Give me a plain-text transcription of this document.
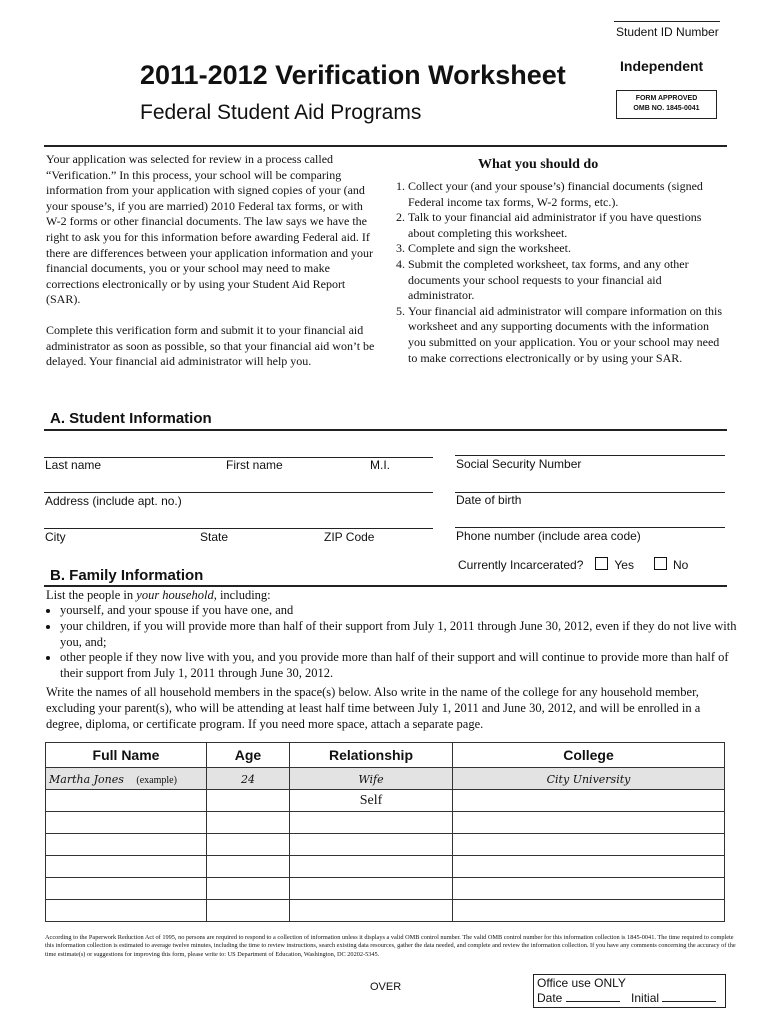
Student ID Number
2011-2012 Verification Worksheet
Federal Student Aid Programs
Independent
FORM APPROVED
OMB NO. 1845-0041
Your application was selected for review in a process called “Verification.” In this process, your school will be comparing information from your application with signed copies of your (and your spouse’s, if you are married) 2010 Federal tax forms, or with W-2 forms or other financial documents. The law says we have the right to ask you for this information before awarding Federal aid. If there are differences between your application information and your financial documents, you or your school may need to make corrections electronically or by using your Student Aid Report (SAR).
Complete this verification form and submit it to your financial aid administrator as soon as possible, so that your financial aid won’t be delayed. Your financial aid administrator will help you.
What you should do
1. Collect your (and your spouse’s) financial documents (signed Federal income tax forms, W-2 forms, etc.).
2. Talk to your financial aid administrator if you have questions about completing this worksheet.
3. Complete and sign the worksheet.
4. Submit the completed worksheet, tax forms, and any other documents your school requests to your financial aid administrator.
5. Your financial aid administrator will compare information on this worksheet and any supporting documents with the information you submitted on your application. You or your school may need to make corrections electronically or by using your SAR.
A. Student Information
Last name	First name	M.I.	Social Security Number
Address (include apt. no.)	Date of birth
City	State	ZIP Code	Phone number (include area code)
Currently Incarcerated?	Yes	No
B. Family Information
List the people in your household, including:
• yourself, and your spouse if you have one, and
• your children, if you will provide more than half of their support from July 1, 2011 through June 30, 2012, even if they do not live with you, and;
• other people if they now live with you, and you provide more than half of their support and will continue to provide more than half of their support from July 1, 2011 through June 30, 2012.
Write the names of all household members in the space(s) below. Also write in the name of the college for any household member, excluding your parent(s), who will be attending at least half time between July 1, 2011 and June 30, 2012, and will be enrolled in a degree, diploma, or certificate program. If you need more space, attach a separate page.
Full Name	Age	Relationship	College
Martha Jones (example)	24	Wife	City University
		Self	

According to the Paperwork Reduction Act of 1995, no persons are required to respond to a collection of information unless it displays a valid OMB control number. The valid OMB control number for this information collection is 1845-0041. The time required to complete this information collection is estimated to average twelve minutes, including the time to review instructions, search existing data resources, gather the data needed, and complete and review the information collection. If you have any comments concerning the accuracy of the time estimate(s) or suggestions for improving this form, please write to: US Department of Education, Washington, DC 20202-5345.
OVER	Office use ONLY
Date	Initial
